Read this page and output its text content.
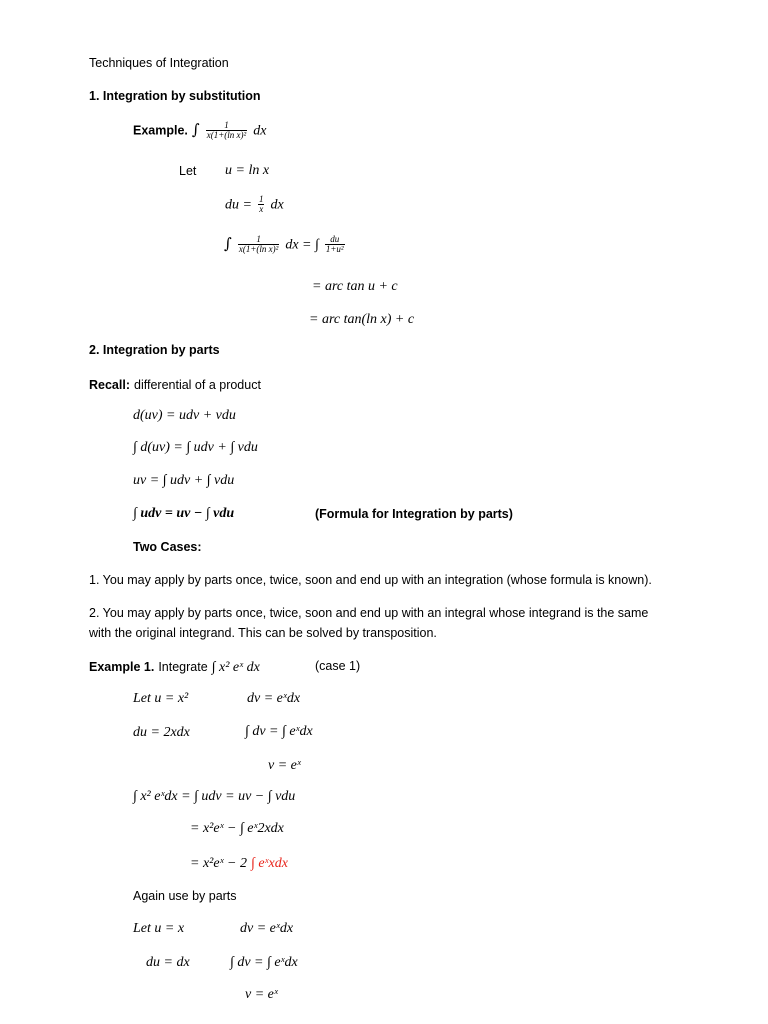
Techniques of Integration
1. Integration by substitution
Example. ∫ $\frac{1}{\text{x(1+(ln x)²}}$ dx
Let u = ln x
du = $\frac{1}{x}$ dx
∫ $\frac{1}{\text{x(1+(ln x)²}}$ dx = ∫ $\frac{du}{\text{1+u²}}$
= arc tan u + c
= arc tan(ln x) + c
2. Integration by parts
Recall: differential of a product
d(uv) = udv + vdu
∫ d(uv) = ∫ udv + ∫ vdu
uv = ∫ udv + ∫ vdu
∫ udv = uv − ∫ vdu	(Formula for Integration by parts)
Two Cases:
1. You may apply by parts once, twice, soon and end up with an integration (whose formula is known).
2. You may apply by parts once, twice, soon and end up with an integral whose integrand is the same
with the original integrand. This can be solved by transposition.
Example 1. Integrate ∫ x² eˣ dx	(case 1)
Let u = x²	dv = eˣdx
du = 2xdx	∫ dv = ∫ eˣdx
v = eˣ
∫ x² eˣdx = ∫ udv = uv − ∫ vdu
= x²eˣ − ∫ eˣ2xdx
= x²eˣ − 2 ∫ eˣxdx
Again use by parts
Let u = x	dv = eˣdx
du = dx	∫ dv = ∫ eˣdx
v = eˣ
